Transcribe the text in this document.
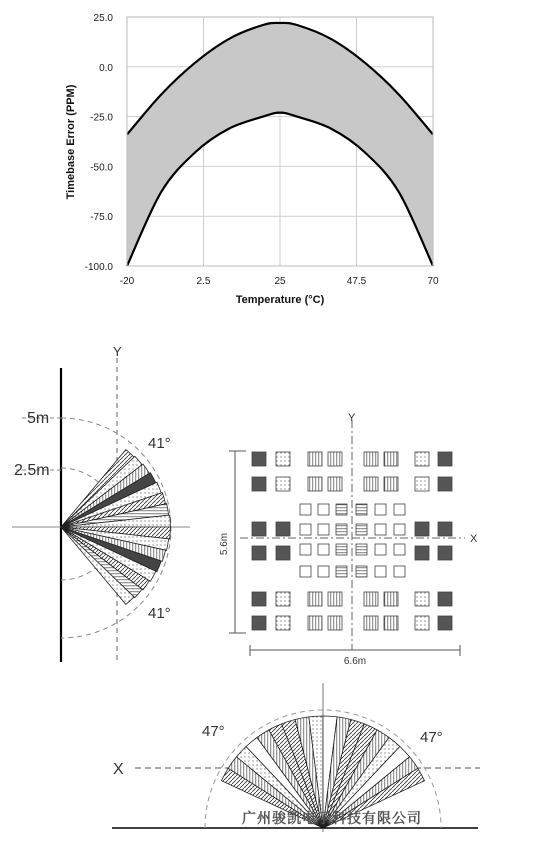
25.0
0.0
-25.0
-50.0
-75.0
-100.0
-20	2.5	25	47.5	70
Temperature (°C)
Timebase Error (PPM)
Y
5m
2.5m
41°
41°
Y
X
5.6m
6.6m
X
47°	47°
广州骏凯电子科技有限公司
